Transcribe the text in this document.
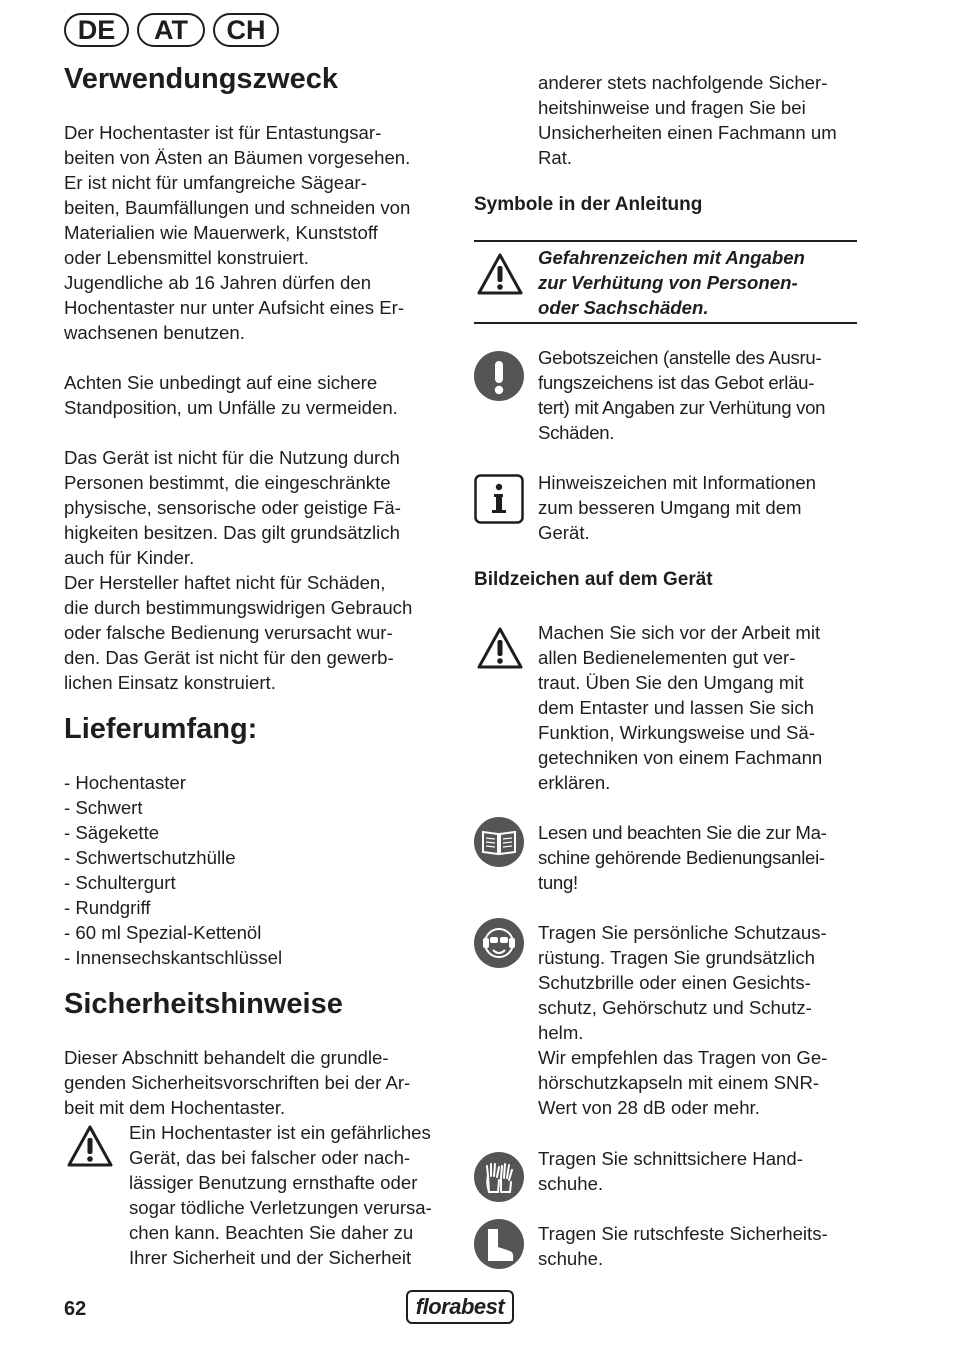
DE	AT	CH
Verwendungszweck

Der Hochentaster ist für Entastungsar-
beiten von Ästen an Bäumen vorgesehen.
Er ist nicht für umfangreiche Sägear-
beiten, Baumfällungen und schneiden von
Materialien wie Mauerwerk, Kunststoff
oder Lebensmittel konstruiert.
Jugendliche ab 16 Jahren dürfen den
Hochentaster nur unter Aufsicht eines Er-
wachsenen benutzen.

Achten Sie unbedingt auf eine sichere
Standposition, um Unfälle zu vermeiden.

Das Gerät ist nicht für die Nutzung durch
Personen bestimmt, die eingeschränkte
physische, sensorische oder geistige Fä-
higkeiten besitzen. Das gilt grundsätzlich
auch für Kinder.
Der Hersteller haftet nicht für Schäden,
die durch bestimmungswidrigen Gebrauch
oder falsche Bedienung verursacht wur-
den. Das Gerät ist nicht für den gewerb-
lichen Einsatz konstruiert.

Lieferumfang:
- Hochentaster
- Schwert
- Sägekette
- Schwertschutzhülle
- Schultergurt
- Rundgriff
- 60 ml Spezial-Kettenöl
- Innensechskantschlüssel
Sicherheitshinweise

Dieser Abschnitt behandelt die grundle-
genden Sicherheitsvorschriften bei der Ar-
beit mit dem Hochentaster.

Ein Hochentaster ist ein gefährliches
Gerät, das bei falscher oder nach-
lässiger Benutzung ernsthafte oder
sogar tödliche Verletzungen verursa-
chen kann. Beachten Sie daher zu
Ihrer Sicherheit und der Sicherheit

anderer stets nachfolgende Sicher-
heitshinweise und fragen Sie bei
Unsicherheiten einen Fachmann um
Rat.

Symbole in der Anleitung

Gefahrenzeichen mit Angaben
zur Verhütung von Personen-
oder Sachschäden.

Gebotszeichen (anstelle des Ausru-
fungszeichens ist das Gebot erläu-
tert) mit Angaben zur Verhütung von
Schäden.

Hinweiszeichen mit Informationen
zum besseren Umgang mit dem
Gerät.

Bildzeichen auf dem Gerät

Machen Sie sich vor der Arbeit mit
allen Bedienelementen gut ver-
traut. Üben Sie den Umgang mit
dem Entaster und lassen Sie sich
Funktion, Wirkungsweise und Sä-
getechniken von einem Fachmann
erklären.

Lesen und beachten Sie die zur Ma-
schine gehörende Bedienungsanlei-
tung!

Tragen Sie persönliche Schutzaus-
rüstung. Tragen Sie grundsätzlich
Schutzbrille oder einen Gesichts-
schutz, Gehörschutz und Schutz-
helm.
Wir empfehlen das Tragen von Ge-
hörschutzkapseln mit einem SNR-
Wert von 28 dB oder mehr.

Tragen Sie schnittsichere Hand-
schuhe.

Tragen Sie rutschfeste Sicherheits-
schuhe.

62	florabest
